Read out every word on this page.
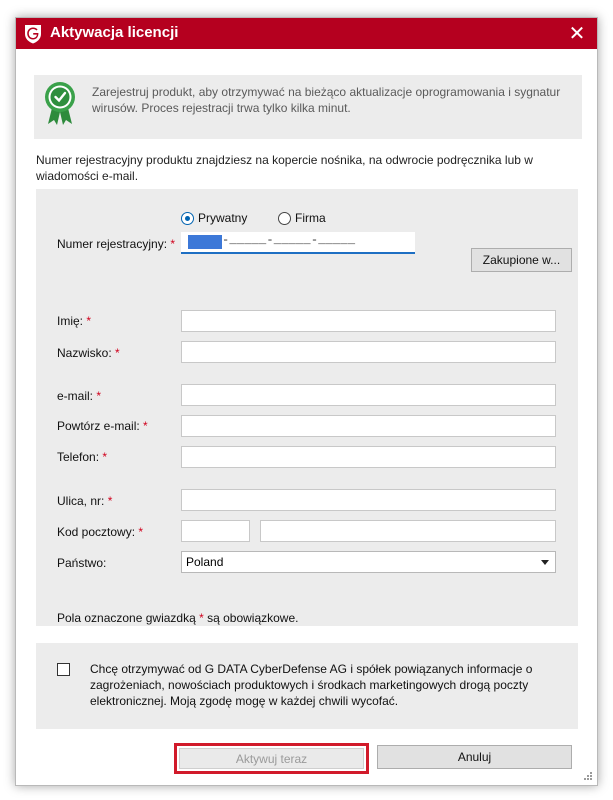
Aktywacja licencji	✕
Zarejestruj produkt, aby otrzymywać na bieżąco aktualizacje oprogramowania i sygnatur wirusów. Proces rejestracji trwa tylko kilka minut.
Numer rejestracyjny produktu znajdziesz na kopercie nośnika, na odwrocie podręcznika lub w wiadomości e-mail.
Prywatny	Firma
Numer rejestracyjny: *	-_____-_____-_____
Zakupione w...
Imię: *
Nazwisko: *
e-mail: *
Powtórz e-mail: *
Telefon: *
Ulica, nr: *
Kod pocztowy: *
Państwo:	Poland
Pola oznaczone gwiazdką * są obowiązkowe.
Chcę otrzymywać od G DATA CyberDefense AG i spółek powiązanych informacje o zagrożeniach, nowościach produktowych i środkach marketingowych drogą poczty elektronicznej. Moją zgodę mogę w każdej chwili wycofać.
Aktywuj teraz	Anuluj
